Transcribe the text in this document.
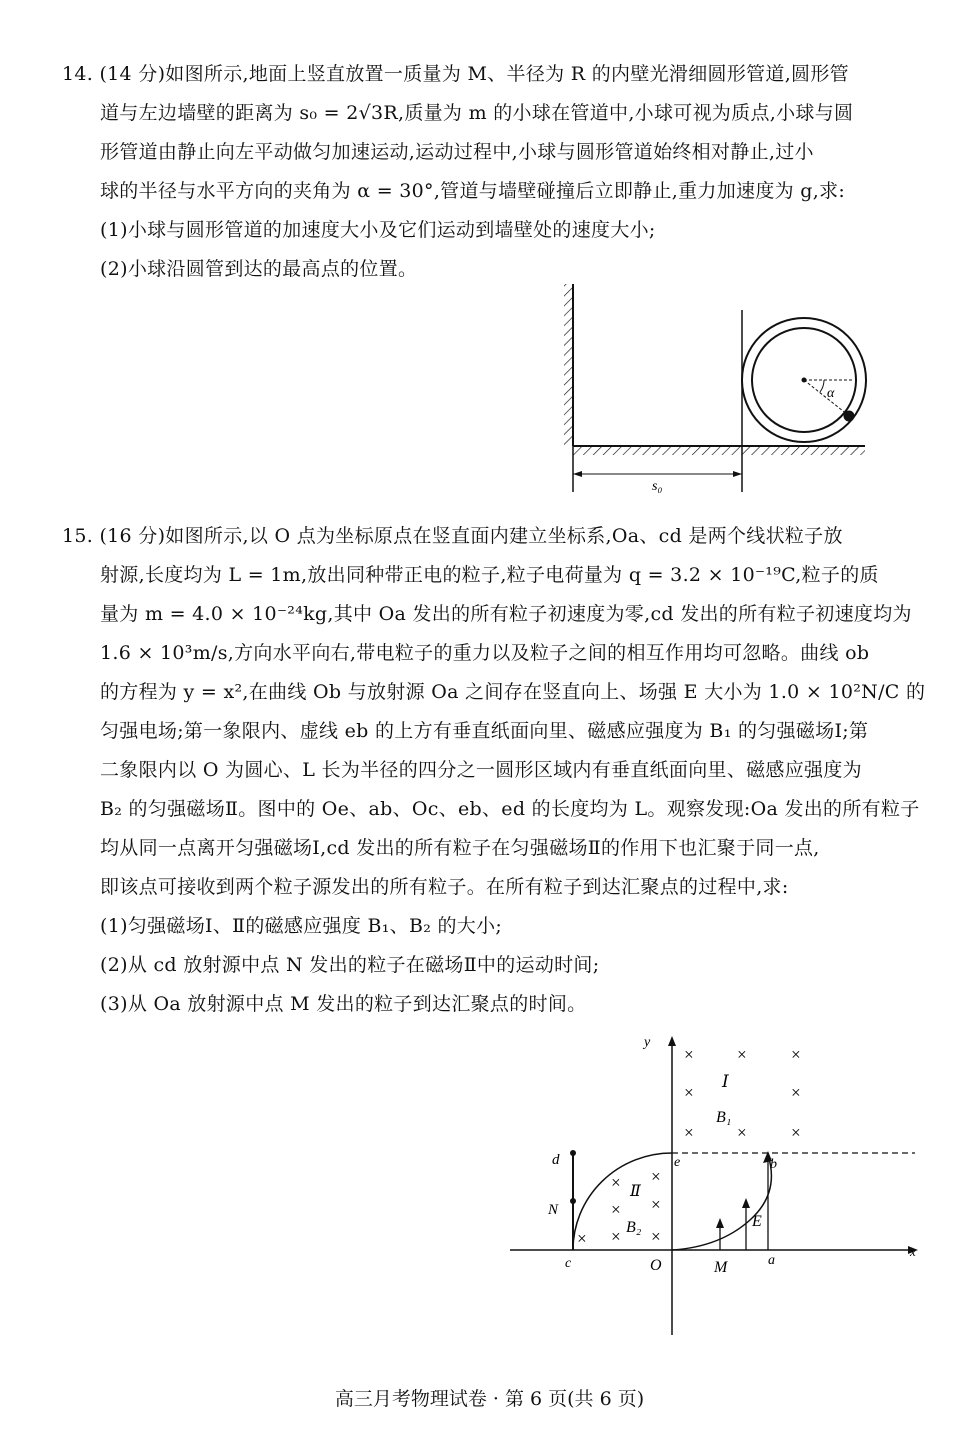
14. (14 分)如图所示,地面上竖直放置一质量为 M、半径为 R 的内壁光滑细圆形管道,圆形管
道与左边墙壁的距离为 s₀ = 2√3R,质量为 m 的小球在管道中,小球可视为质点,小球与圆
形管道由静止向左平动做匀加速运动,运动过程中,小球与圆形管道始终相对静止,过小
球的半径与水平方向的夹角为 α = 30°,管道与墙壁碰撞后立即静止,重力加速度为 g,求:
(1)小球与圆形管道的加速度大小及它们运动到墙壁处的速度大小;
(2)小球沿圆管到达的最高点的位置。
α
s₀
15. (16 分)如图所示,以 O 点为坐标原点在竖直面内建立坐标系,Oa、cd 是两个线状粒子放
射源,长度均为 L = 1m,放出同种带正电的粒子,粒子电荷量为 q = 3.2 × 10⁻¹⁹C,粒子的质
量为 m = 4.0 × 10⁻²⁴kg,其中 Oa 发出的所有粒子初速度为零,cd 发出的所有粒子初速度均为
1.6 × 10³m/s,方向水平向右,带电粒子的重力以及粒子之间的相互作用均可忽略。曲线 ob
的方程为 y = x²,在曲线 Ob 与放射源 Oa 之间存在竖直向上、场强 E 大小为 1.0 × 10²N/C 的
匀强电场;第一象限内、虚线 eb 的上方有垂直纸面向里、磁感应强度为 B₁ 的匀强磁场Ⅰ;第
二象限内以 O 为圆心、L 长为半径的四分之一圆形区域内有垂直纸面向里、磁感应强度为
B₂ 的匀强磁场Ⅱ。图中的 Oe、ab、Oc、eb、ed 的长度均为 L。观察发现:Oa 发出的所有粒子
均从同一点离开匀强磁场Ⅰ,cd 发出的所有粒子在匀强磁场Ⅱ的作用下也汇聚于同一点,
即该点可接收到两个粒子源发出的所有粒子。在所有粒子到达汇聚点的过程中,求:
(1)匀强磁场Ⅰ、Ⅱ的磁感应强度 B₁、B₂ 的大小;
(2)从 cd 放射源中点 N 发出的粒子在磁场Ⅱ中的运动时间;
(3)从 Oa 放射源中点 M 发出的粒子到达汇聚点的时间。
x
y
× ×	×
×	×
× ×	×
Ⅰ
B₁
×
×
×
×
×
×
×
Ⅱ
B₂
d
N
c	O
e	b
E
M	a
高三月考物理试卷 · 第 6 页(共 6 页)
